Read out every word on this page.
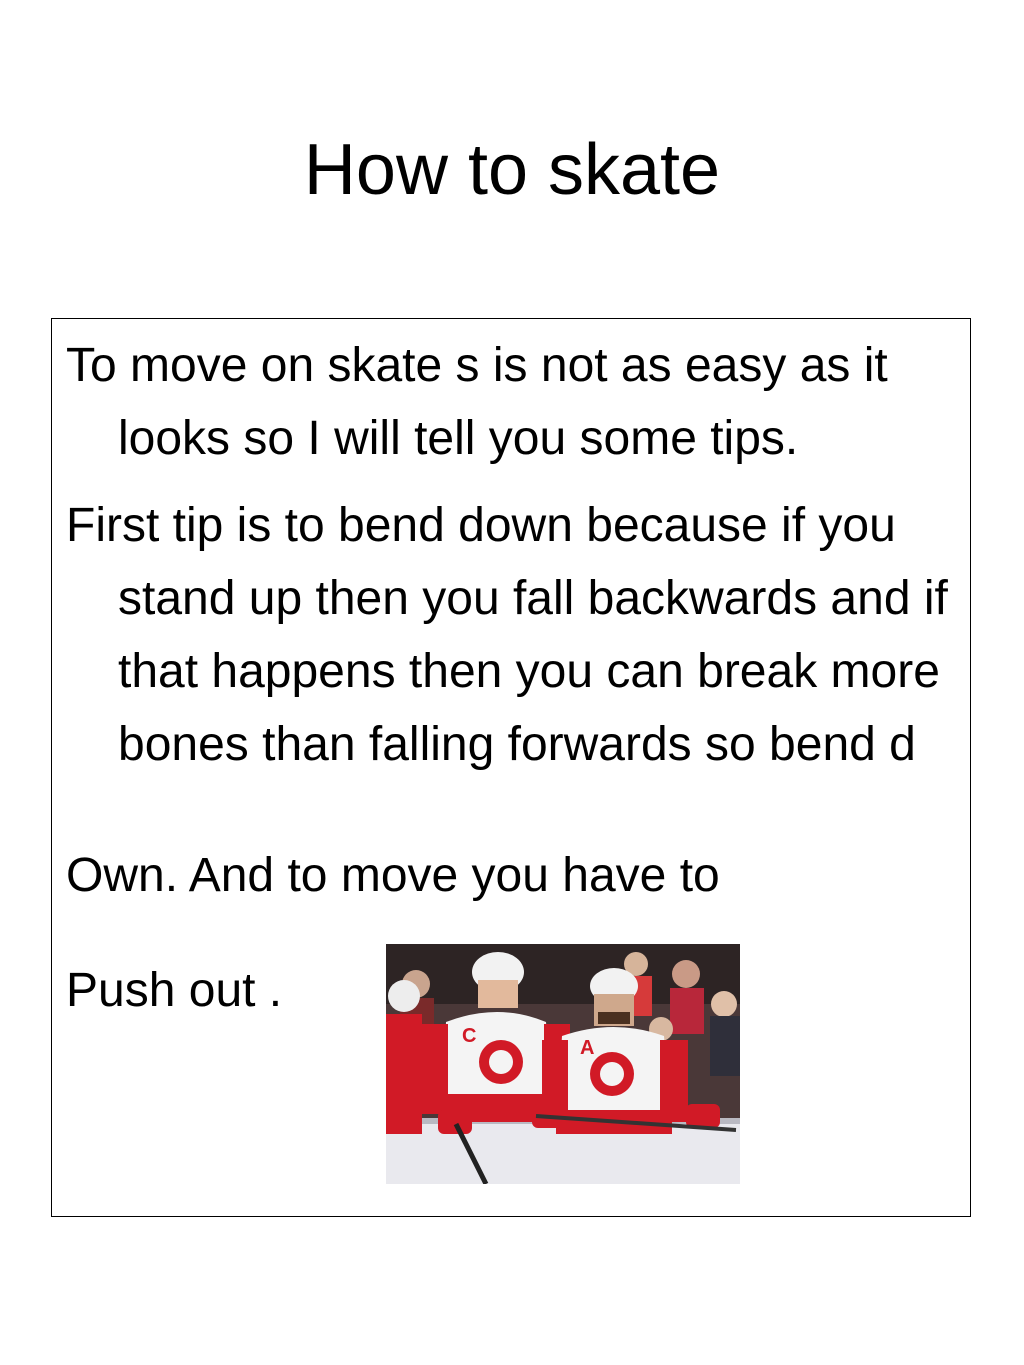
How to skate

To move on skate s is not as easy as it looks so I will tell you some tips.

First tip is to bend down because if you stand up then you fall backwards and if that happens then you can break more bones than falling forwards so bend d

Own. And to move you have to

Push out .

C
A
